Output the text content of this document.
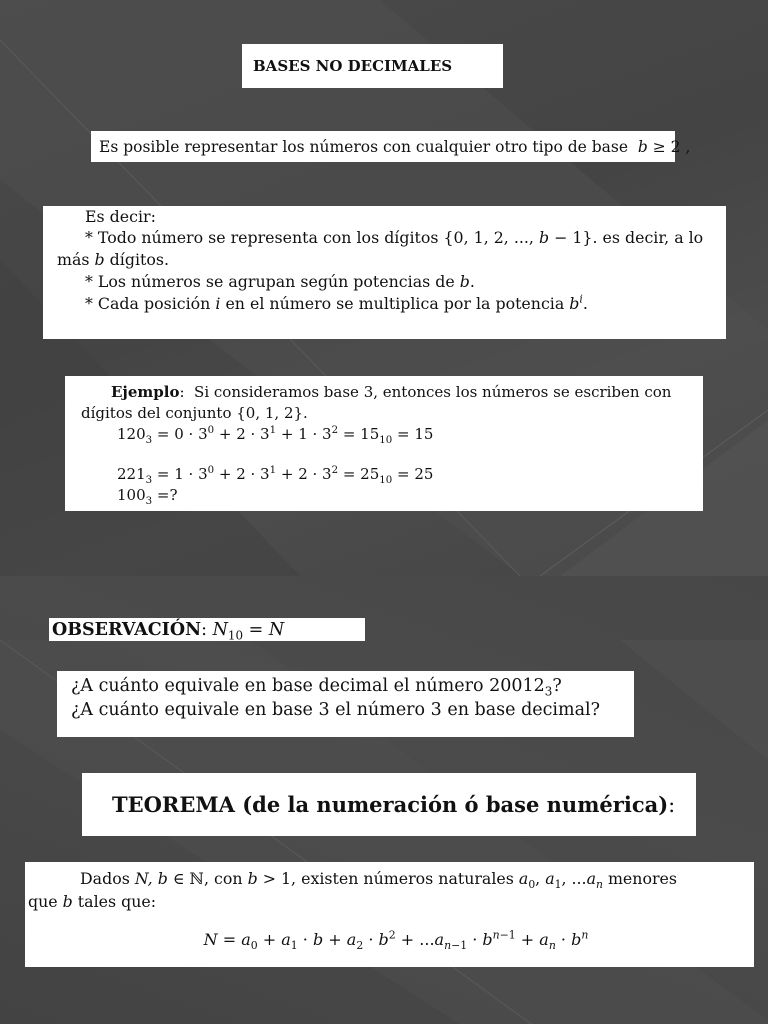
BASES NO DECIMALES
Es posible representar los números con cualquier otro tipo de base  b ≥ 2 ,
Es decir:
* Todo número se representa con los dígitos {0, 1, 2, ..., b − 1}. es decir, a lo
más b dígitos.
* Los números se agrupan según potencias de b.
* Cada posición i en el número se multiplica por la potencia $b^i$.
Ejemplo:  Si consideramos base 3, entonces los números se escriben con
dígitos del conjunto {0, 1, 2}.
$120_3 = 0 \cdot 3^0 + 2 \cdot 3^1 + 1 \cdot 3^2 = 15_{10} = 15$
$221_3 = 1 \cdot 3^0 + 2 \cdot 3^1 + 2 \cdot 3^2 = 25_{10} = 25$
$100_3$ =?
OBSERVACIÓN : $N_{10} = N$
¿A cuánto equivale en base decimal el número $20012_3$?
¿A cuánto equivale en base 3 el número 3 en base decimal?
TEOREMA (de la numeración ó base numérica) :
Dados N, b ∈ ℕ, con b > 1, existen números naturales $a_0$, $a_1$, $...a_n$ menores
que b tales que:
$N = a_0 + a_1 \cdot b + a_2 \cdot b^2 + ...a_{n-1} \cdot b^{n-1} + a_n \cdot b^n$
